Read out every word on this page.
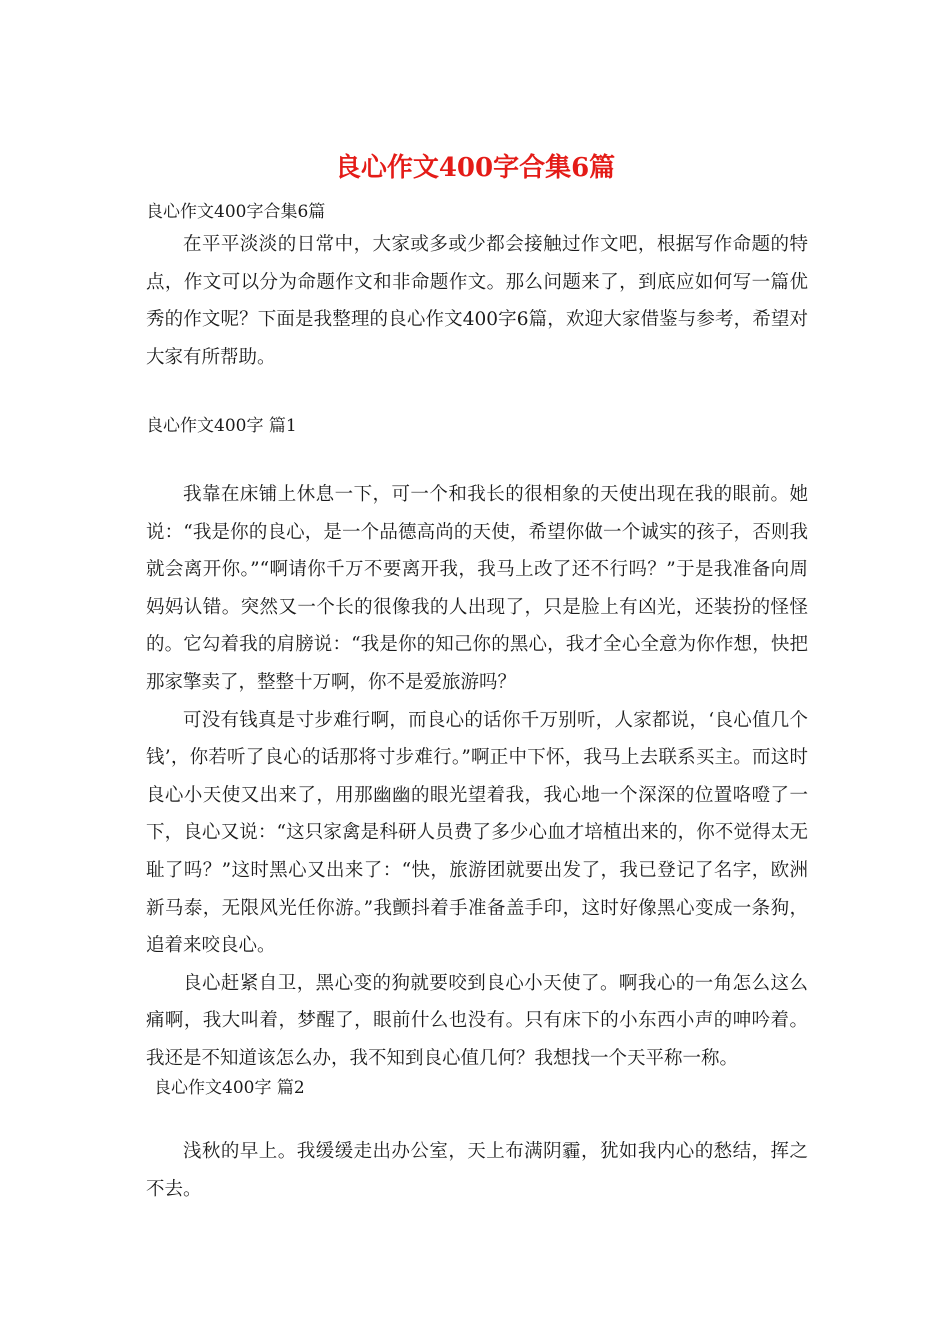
良心作文400字合集6篇

良心作文400字合集6篇

在平平淡淡的日常中，大家或多或少都会接触过作文吧，根据写作命题的特点，作文可以分为命题作文和非命题作文。那么问题来了，到底应如何写一篇优秀的作文呢？下面是我整理的良心作文400字6篇，欢迎大家借鉴与参考，希望对大家有所帮助。

良心作文400字 篇1

我靠在床铺上休息一下，可一个和我长的很相象的天使出现在我的眼前。她说：“我是你的良心，是一个品德高尚的天使，希望你做一个诚实的孩子，否则我就会离开你。”“啊请你千万不要离开我，我马上改了还不行吗？”于是我准备向周妈妈认错。突然又一个长的很像我的人出现了，只是脸上有凶光，还装扮的怪怪的。它勾着我的肩膀说：“我是你的知己你的黑心，我才全心全意为你作想，快把那家擎卖了，整整十万啊，你不是爱旅游吗？

可没有钱真是寸步难行啊，而良心的话你千万别听，人家都说，‘良心值几个钱’，你若听了良心的话那将寸步难行。”啊正中下怀，我马上去联系买主。而这时良心小天使又出来了，用那幽幽的眼光望着我，我心地一个深深的位置咯噔了一下，良心又说：“这只家禽是科研人员费了多少心血才培植出来的，你不觉得太无耻了吗？”这时黑心又出来了：“快，旅游团就要出发了，我已登记了名字，欧洲新马泰，无限风光任你游。”我颤抖着手准备盖手印，这时好像黑心变成一条狗，追着来咬良心。

良心赶紧自卫，黑心变的狗就要咬到良心小天使了。啊我心的一角怎么这么痛啊，我大叫着，梦醒了，眼前什么也没有。只有床下的小东西小声的呻吟着。我还是不知道该怎么办，我不知到良心值几何？我想找一个天平称一称。

良心作文400字 篇2

浅秋的早上。我缓缓走出办公室，天上布满阴霾，犹如我内心的愁结，挥之不去。
